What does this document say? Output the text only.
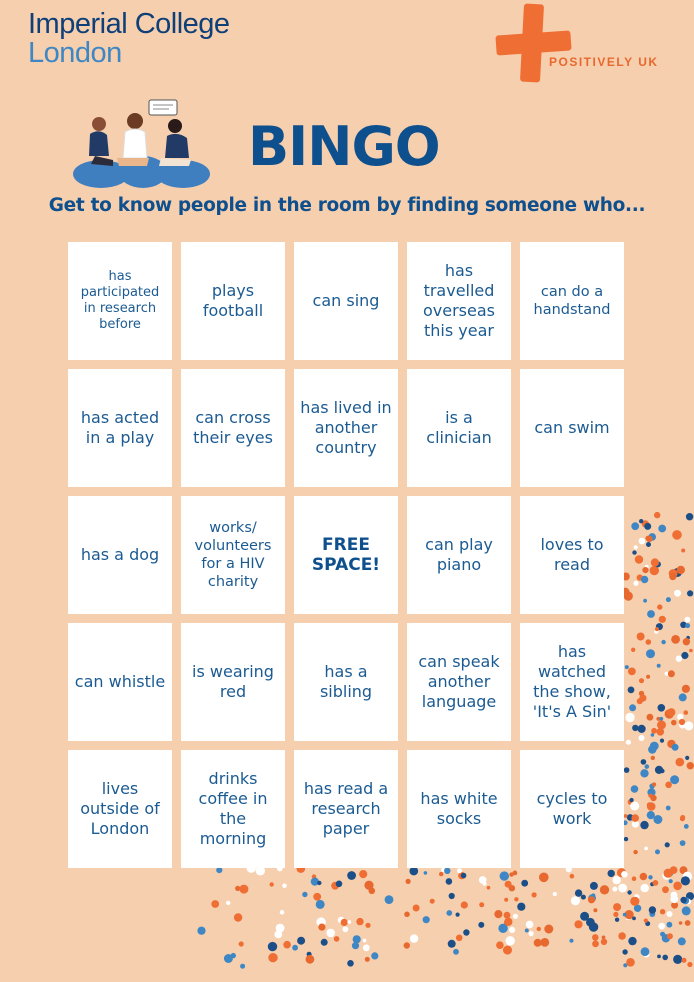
Imperial College
London	POSITIVELY UK
BINGO
Get to know people in the room by finding someone who...
has participated in research before
plays football
can sing
has travelled overseas this year
can do a handstand
has acted in a play
can cross their eyes
has lived in another country
is a clinician
can swim
has a dog
works/ volunteers for a HIV charity
FREE SPACE!
can play piano
loves to read
can whistle
is wearing red
has a sibling
can speak another language
has watched the show, 'It's A Sin'
lives outside of London
drinks coffee in the morning
has read a research paper
has white socks
cycles to work
